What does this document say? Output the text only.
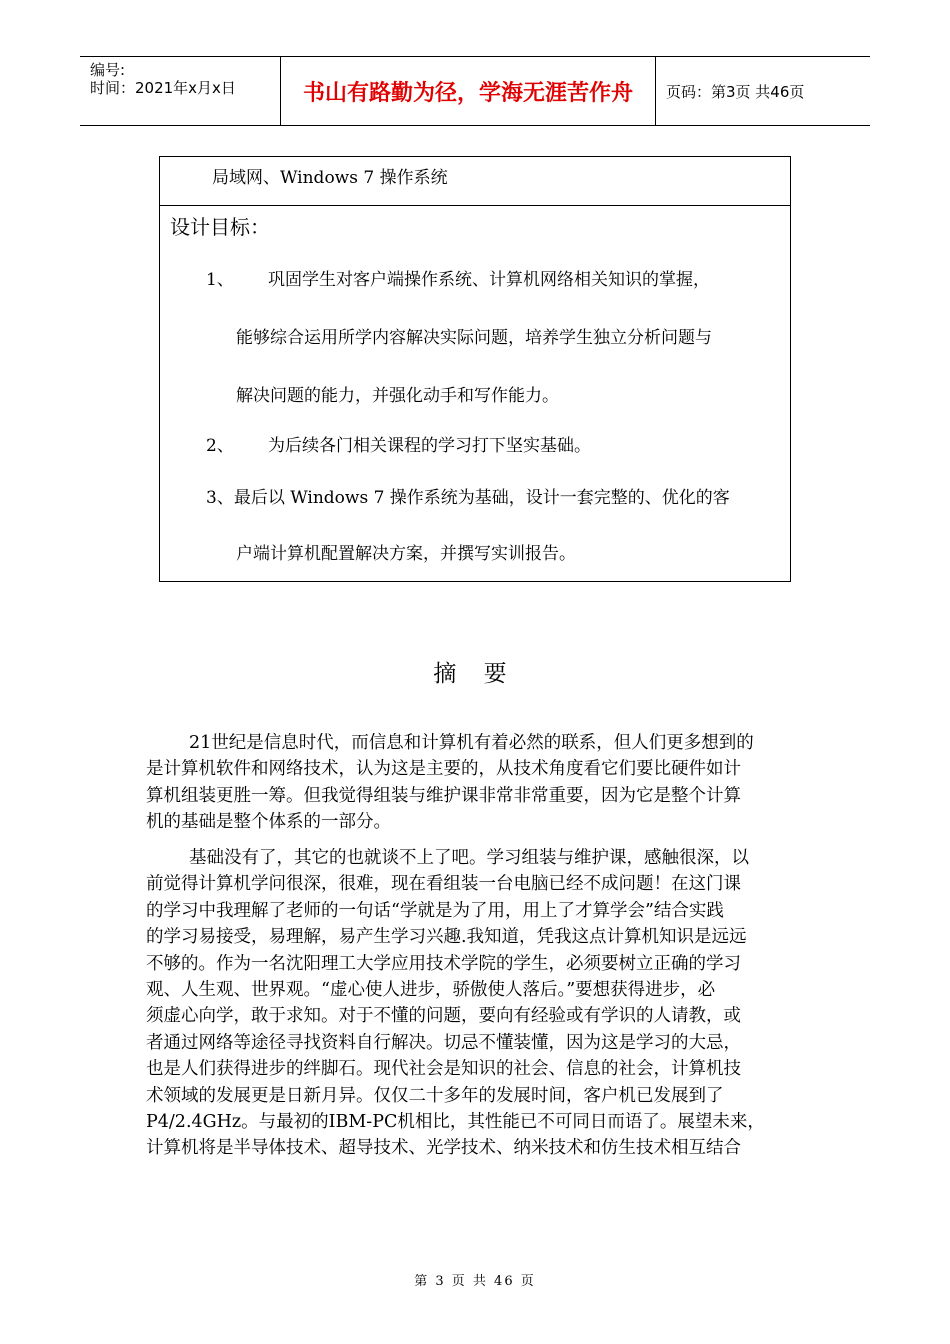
编号:
时间：2021年x月x日	书山有路勤为径，学海无涯苦作舟	页码：第3页 共46页
局域网、Windows 7 操作系统
设计目标：
1、 巩固学生对客户端操作系统、计算机网络相关知识的掌握，
能够综合运用所学内容解决实际问题，培养学生独立分析问题与
解决问题的能力，并强化动手和写作能力。
2、 为后续各门相关课程的学习打下坚实基础。
3、最后以 Windows 7 操作系统为基础，设计一套完整的、优化的客
户端计算机配置解决方案，并撰写实训报告。
摘 要
21世纪是信息时代，而信息和计算机有着必然的联系，但人们更多想到的
是计算机软件和网络技术，认为这是主要的，从技术角度看它们要比硬件如计
算机组装更胜一筹。但我觉得组装与维护课非常非常重要，因为它是整个计算
机的基础是整个体系的一部分。
基础没有了，其它的也就谈不上了吧。学习组装与维护课，感触很深，以
前觉得计算机学问很深，很难，现在看组装一台电脑已经不成问题！在这门课
的学习中我理解了老师的一句话“学就是为了用，用上了才算学会”结合实践
的学习易接受，易理解，易产生学习兴趣.我知道，凭我这点计算机知识是远远
不够的。作为一名沈阳理工大学应用技术学院的学生，必须要树立正确的学习
观、人生观、世界观。“虚心使人进步，骄傲使人落后。”要想获得进步，必
须虚心向学，敢于求知。对于不懂的问题，要向有经验或有学识的人请教，或
者通过网络等途径寻找资料自行解决。切忌不懂装懂，因为这是学习的大忌，
也是人们获得进步的绊脚石。现代社会是知识的社会、信息的社会，计算机技
术领域的发展更是日新月异。仅仅二十多年的发展时间，客户机已发展到了
P4/2.4GHz。与最初的IBM-PC机相比，其性能已不可同日而语了。展望未来，
计算机将是半导体技术、超导技术、光学技术、纳米技术和仿生技术相互结合
第 3 页 共 46 页
